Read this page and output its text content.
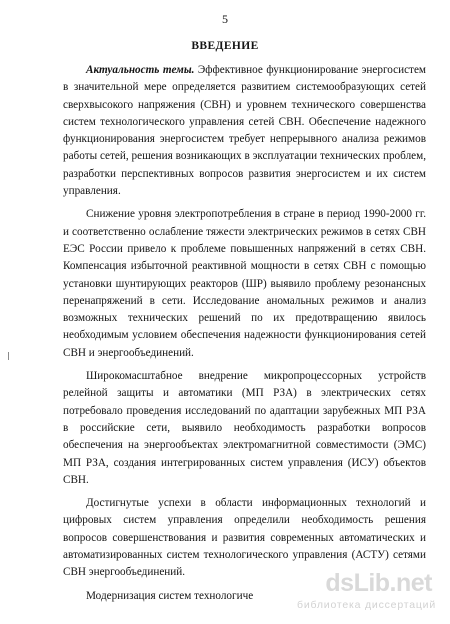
5
ВВЕДЕНИЕ

Актуальность темы. Эффективное функционирование энергосистем в значительной мере определяется развитием системообразующих сетей сверхвысокого напряжения (СВН) и уровнем технического совершенства систем технологического управления сетей СВН. Обеспечение надежного функционирования энергосистем требует непрерывного анализа режимов работы сетей, решения возникающих в эксплуатации технических проблем, разработки перспективных вопросов развития энергосистем и их систем управления.

Снижение уровня электропотребления в стране в период 1990-2000 гг. и соответственно ослабление тяжести электрических режимов в сетях СВН ЕЭС России привело к проблеме повышенных напряжений в сетях СВН. Компенсация избыточной реактивной мощности в сетях СВН с помощью установки шунтирующих реакторов (ШР) выявило проблему резонансных перенапряжений в сети. Исследование аномальных режимов и анализ возможных технических решений по их предотвращению явилось необходимым условием обеспечения надежности функционирования сетей СВН и энергообъединений.

Широкомасштабное внедрение микропроцессорных устройств релейной защиты и автоматики (МП РЗА) в электрических сетях потребовало проведения исследований по адаптации зарубежных МП РЗА в российские сети, выявило необходимость разработки вопросов обеспечения на энергообъектах электромагнитной совместимости (ЭМС) МП РЗА, создания интегрированных систем управления (ИСУ) объектов СВН.

Достигнутые успехи в области информационных технологий и цифровых систем управления определили необходимость решения вопросов совершенствования и развития современных автоматических и автоматизированных систем технологического управления (АСТУ) сетями СВН энергообъединений.

Модернизация систем технологиче	dsLib.net
библиотека диссертаций
